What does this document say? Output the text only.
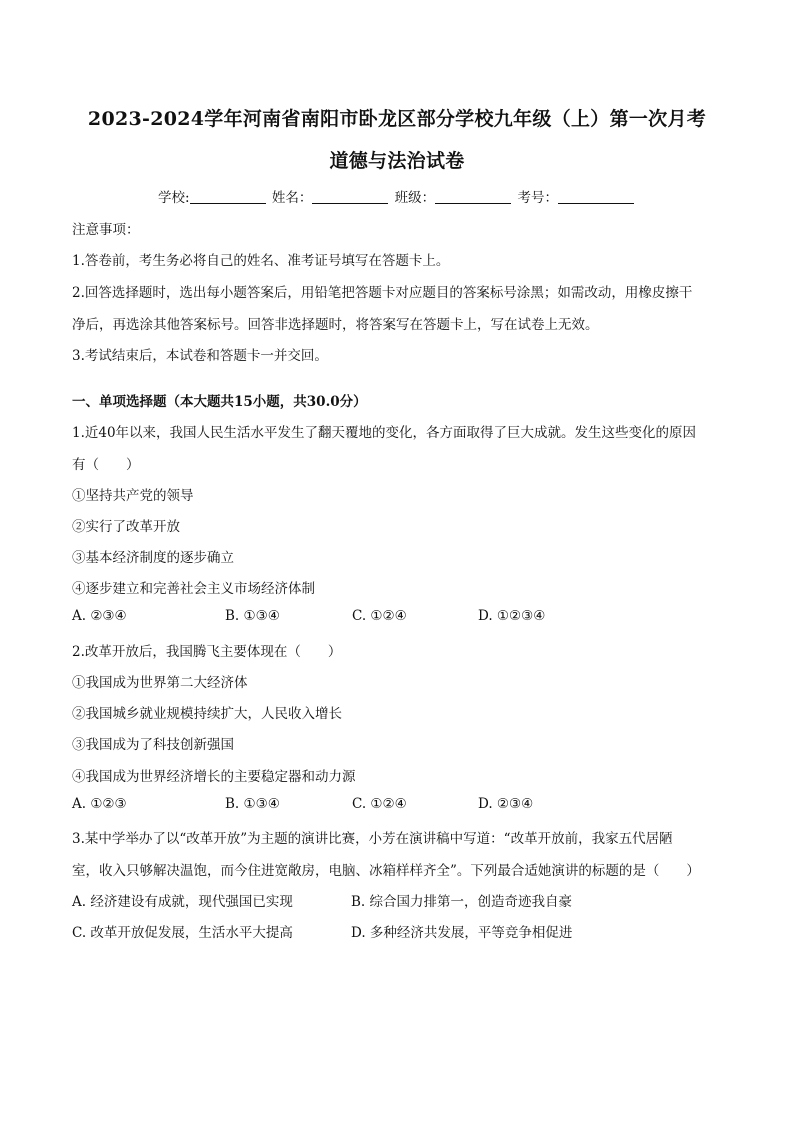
2023-2024学年河南省南阳市卧龙区部分学校九年级（上）第一次月考
道德与法治试卷
学校:	姓名：	班级：	考号：
注意事项：
1.答卷前，考生务必将自己的姓名、准考证号填写在答题卡上。
2.回答选择题时，选出每小题答案后，用铅笔把答题卡对应题目的答案标号涂黑；如需改动，用橡皮擦干
净后，再选涂其他答案标号。回答非选择题时，将答案写在答题卡上，写在试卷上无效。
3.考试结束后，本试卷和答题卡一并交回。
一、单项选择题（本大题共15小题，共30.0分）
1.近40年以来，我国人民生活水平发生了翻天覆地的变化，各方面取得了巨大成就。发生这些变化的原因
有（　　）
①坚持共产党的领导
②实行了改革开放
③基本经济制度的逐步确立
④逐步建立和完善社会主义市场经济体制
A. ②③④	B. ①③④	C. ①②④	D. ①②③④
2.改革开放后，我国腾飞主要体现在（　　）
①我国成为世界第二大经济体
②我国城乡就业规模持续扩大，人民收入增长
③我国成为了科技创新强国
④我国成为世界经济增长的主要稳定器和动力源
A. ①②③	B. ①③④	C. ①②④	D. ②③④
3.某中学举办了以“改革开放”为主题的演讲比赛，小芳在演讲稿中写道：“改革开放前，我家五代居陋
室，收入只够解决温饱，而今住进宽敞房，电脑、冰箱样样齐全”。下列最合适她演讲的标题的是（　　）
A. 经济建设有成就，现代强国已实现	B. 综合国力排第一，创造奇迹我自豪
C. 改革开放促发展，生活水平大提高	D. 多种经济共发展，平等竞争相促进
